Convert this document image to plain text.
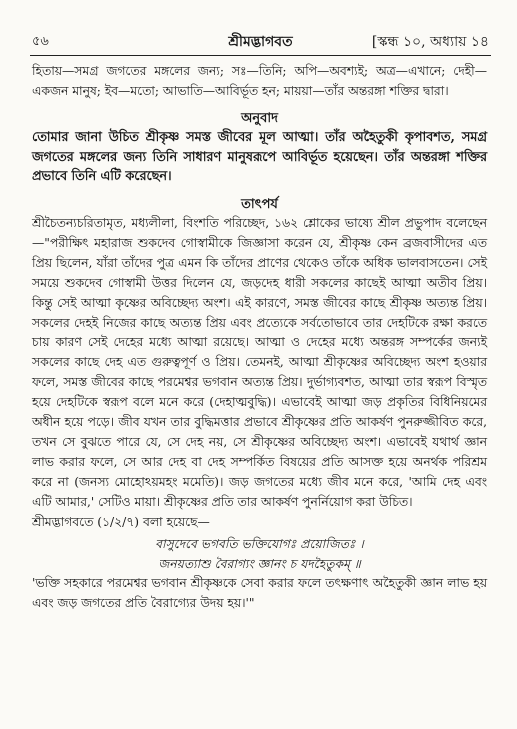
৫৬	শ্রীমদ্ভাগবত	[স্কন্ধ ১০, অধ্যায় ১৪

হিতায়—সমগ্র জগতের মঙ্গলের জন্য; সঃ—তিনি; অপি—অবশ্যই; অত্র—এখানে; দেহী—একজন মানুষ; ইব—মতো; আভাতি—আবির্ভূত হন; মায়য়া—তাঁর অন্তরঙ্গা শক্তির দ্বারা।

অনুবাদ

তোমার জানা উচিত শ্রীকৃষ্ণ সমস্ত জীবের মূল আত্মা। তাঁর অহৈতুকী কৃপাবশত, সমগ্র জগতের মঙ্গলের জন্য তিনি সাধারণ মানুষরূপে আবির্ভূত হয়েছেন। তাঁর অন্তরঙ্গা শক্তির প্রভাবে তিনি এটি করেছেন।

তাৎপর্য

শ্রীচৈতন্যচরিতামৃত, মধ্যলীলা, বিংশতি পরিচ্ছেদ, ১৬২ শ্লোকের ভাষ্যে শ্রীল প্রভুপাদ বলেছেন—"পরীক্ষিৎ মহারাজ শুকদেব গোস্বামীকে জিজ্ঞাসা করেন যে, শ্রীকৃষ্ণ কেন ব্রজবাসীদের এত প্রিয় ছিলেন, যাঁরা তাঁদের পুত্র এমন কি তাঁদের প্রাণের থেকেও তাঁকে অধিক ভালবাসতেন। সেই সময়ে শুকদেব গোস্বামী উত্তর দিলেন যে, জড়দেহ ধারী সকলের কাছেই আত্মা অতীব প্রিয়। কিন্তু সেই আত্মা কৃষ্ণের অবিচ্ছেদ্য অংশ। এই কারণে, সমস্ত জীবের কাছে শ্রীকৃষ্ণ অত্যন্ত প্রিয়। সকলের দেহই নিজের কাছে অত্যন্ত প্রিয় এবং প্রত্যেকে সর্বতোভাবে তার দেহটিকে রক্ষা করতে চায় কারণ সেই দেহের মধ্যে আত্মা রয়েছে। আত্মা ও দেহের মধ্যে অন্তরঙ্গ সম্পর্কের জন্যই সকলের কাছে দেহ এত গুরুত্বপূর্ণ ও প্রিয়। তেমনই, আত্মা শ্রীকৃষ্ণের অবিচ্ছেদ্য অংশ হওয়ার ফলে, সমস্ত জীবের কাছে পরমেশ্বর ভগবান অত্যন্ত প্রিয়। দুর্ভাগ্যবশত, আত্মা তার স্বরূপ বিস্মৃত হয়ে দেহটিকে স্বরূপ বলে মনে করে (দেহাত্মবুদ্ধি)। এভাবেই আত্মা জড় প্রকৃতির বিধিনিয়মের অধীন হয়ে পড়ে। জীব যখন তার বুদ্ধিমত্তার প্রভাবে শ্রীকৃষ্ণের প্রতি আকর্ষণ পুনরুজ্জীবিত করে, তখন সে বুঝতে পারে যে, সে দেহ নয়, সে শ্রীকৃষ্ণের অবিচ্ছেদ্য অংশ। এভাবেই যথার্থ জ্ঞান লাভ করার ফলে, সে আর দেহ বা দেহ সম্পর্কিত বিষয়ের প্রতি আসক্ত হয়ে অনর্থক পরিশ্রম করে না (জনস্য মোহোঽয়মহং মমেতি)। জড় জগতের মধ্যে জীব মনে করে, 'আমি দেহ এবং এটি আমার,' সেটিও মায়া। শ্রীকৃষ্ণের প্রতি তার আকর্ষণ পুনর্নিয়োগ করা উচিত।

শ্রীমদ্ভাগবতে (১/২/৭) বলা হয়েছে—

বাসুদেবে ভগবতি ভক্তিযোগঃ প্রয়োজিতঃ ।
জনয়ত্যাশু বৈরাগ্যং জ্ঞানং চ যদহৈতুকম্ ॥

'ভক্তি সহকারে পরমেশ্বর ভগবান শ্রীকৃষ্ণকে সেবা করার ফলে তৎক্ষণাৎ অহৈতুকী জ্ঞান লাভ হয় এবং জড় জগতের প্রতি বৈরাগ্যের উদয় হয়।'"
